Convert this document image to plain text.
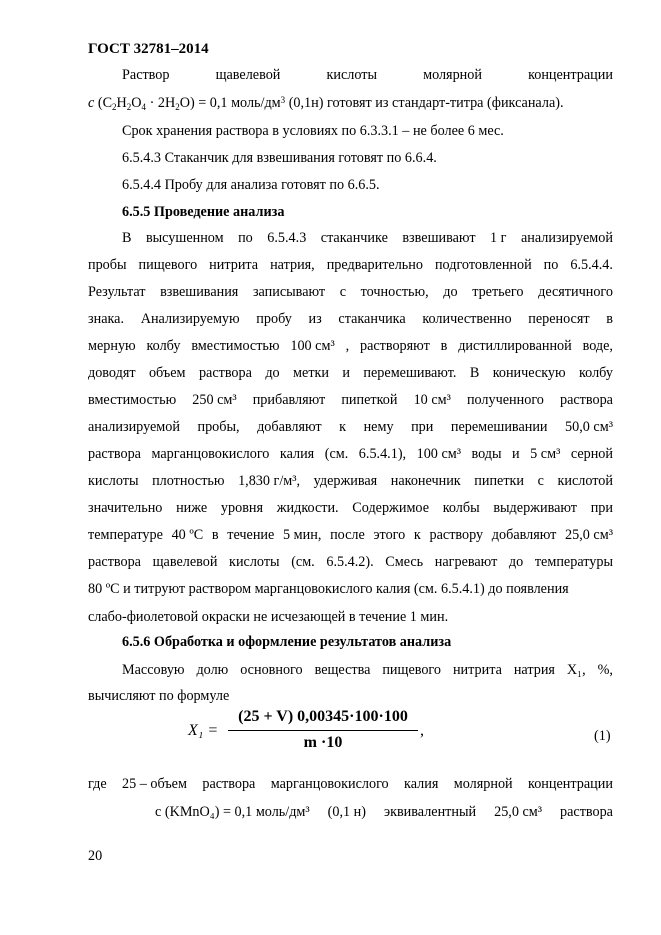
ГОСТ 32781–2014
Раствор	щавелевой	кислоты	молярной	концентрации
с $(C_2H_2O_4 \cdot 2H_2O) = 0,1$ моль/$дм^3$ (0,1н) готовят из стандарт-титра (фиксанала).
Срок хранения раствора в условиях по 6.3.3.1 – не более 6 мес.
6.5.4.3 Стаканчик для взвешивания готовят по 6.6.4.
6.5.4.4 Пробу для анализа готовят по 6.6.5.
6.5.5 Проведение анализа
В высушенном по 6.5.4.3 стаканчике взвешивают 1 г анализируемой
пробы пищевого нитрита натрия, предварительно подготовленной по 6.5.4.4.
Результат взвешивания записывают с точностью, до третьего десятичного
знака. Анализируемую пробу из стаканчика количественно переносят в
мерную колбу вместимостью 100 см³ , растворяют в дистиллированной воде,
доводят объем раствора до метки и перемешивают. В коническую колбу
вместимостью 250 см³ прибавляют пипеткой 10 см³ полученного раствора
анализируемой пробы, добавляют к нему при перемешивании 50,0 см³
раствора марганцовокислого калия (см. 6.5.4.1), 100 см³ воды и 5 см³ серной
кислоты плотностью 1,830 г/м³, удерживая наконечник пипетки с кислотой
значительно ниже уровня жидкости. Содержимое колбы выдерживают при
температуре 40 ºС в течение 5 мин, после этого к раствору добавляют 25,0 см³
раствора щавелевой кислоты (см. 6.5.4.2). Смесь нагревают до температуры
80 ºС и титруют раствором марганцовокислого калия (см. 6.5.4.1) до появления
слабо-фиолетовой окраски не исчезающей в течение 1 мин.
6.5.6 Обработка и оформление результатов анализа
Массовую долю основного вещества пищевого нитрита натрия X₁, %,
вычисляют по формуле
X₁ =
(25 + V) 0,00345·100·100
m ·10
,	(1)
где 25 – объем раствора марганцовокислого калия молярной концентрации
с (KMnO₄) = 0,1 моль/дм³ (0,1 н) эквивалентный 25,0 см³ раствора
20
